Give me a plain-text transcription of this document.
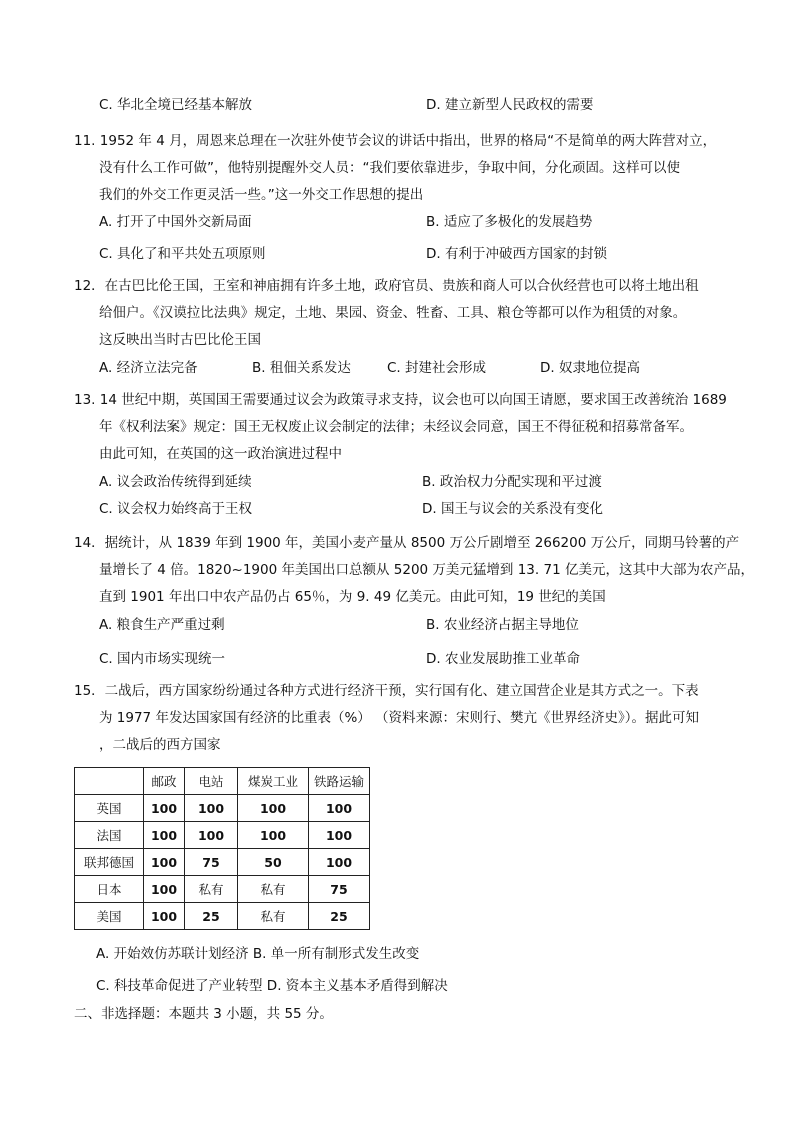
C. 华北全境已经基本解放	D. 建立新型人民政权的需要
11. 1952 年 4 月，周恩来总理在一次驻外使节会议的讲话中指出，世界的格局“不是简单的两大阵营对立，
没有什么工作可做”，他特别提醒外交人员：“我们要依靠进步，争取中间，分化顽固。这样可以使
我们的外交工作更灵活一些。”这一外交工作思想的提出
A. 打开了中国外交新局面	B. 适应了多极化的发展趋势
C. 具化了和平共处五项原则	D. 有利于冲破西方国家的封锁
12．在古巴比伦王国，王室和神庙拥有许多土地，政府官员、贵族和商人可以合伙经营也可以将土地出租
给佃户。《汉谟拉比法典》规定，土地、果园、资金、牲畜、工具、粮仓等都可以作为租赁的对象。
这反映出当时古巴比伦王国
A. 经济立法完备	B. 租佃关系发达	C. 封建社会形成	D. 奴隶地位提高
13. 14 世纪中期，英国国王需要通过议会为政策寻求支持，议会也可以向国王请愿，要求国王改善统治 1689
年《权利法案》规定：国王无权废止议会制定的法律；未经议会同意，国王不得征税和招募常备军。
由此可知，在英国的这一政治演进过程中
A. 议会政治传统得到延续	B. 政治权力分配实现和平过渡
C. 议会权力始终高于王权	D. 国王与议会的关系没有变化
14．据统计，从 1839 年到 1900 年，美国小麦产量从 8500 万公斤剧增至 266200 万公斤，同期马铃薯的产
量增长了 4 倍。1820~1900 年美国出口总额从 5200 万美元猛增到 13. 71 亿美元，这其中大部为农产品，
直到 1901 年出口中农产品仍占 65％，为 9. 49 亿美元。由此可知，19 世纪的美国
A. 粮食生产严重过剩	B. 农业经济占据主导地位
C. 国内市场实现统一	D. 农业发展助推工业革命
15．二战后，西方国家纷纷通过各种方式进行经济干预，实行国有化、建立国营企业是其方式之一。下表
为 1977 年发达国家国有经济的比重表（%） （资料来源：宋则行、樊亢《世界经济史》）。据此可知
，二战后的西方国家
	邮政	电站	煤炭工业	铁路运输
英国	100	100	100	100
法国	100	100	100	100
联邦德国	100	75	50	100
日本	100	私有	私有	75
美国	100	25	私有	25
A. 开始效仿苏联计划经济 B. 单一所有制形式发生改变
C. 科技革命促进了产业转型 D. 资本主义基本矛盾得到解决
二、非选择题：本题共 3 小题，共 55 分。
